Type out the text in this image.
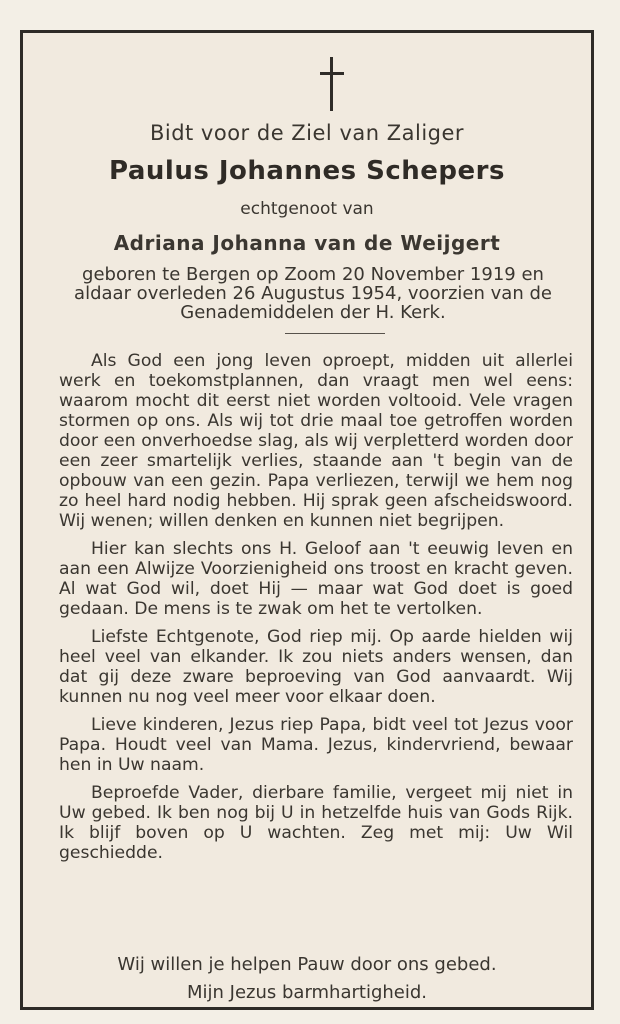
Bidt voor de Ziel van Zaliger
Paulus Johannes Schepers
echtgenoot van
Adriana Johanna van de Weijgert
geboren te Bergen op Zoom 20 November 1919 en aldaar overleden 26 Augustus 1954, voorzien van de Genademiddelen der H. Kerk.

Als God een jong leven oproept, midden uit allerlei werk en toekomstplannen, dan vraagt men wel eens: waarom mocht dit eerst niet worden voltooid. Vele vragen stormen op ons. Als wij tot drie maal toe getroffen worden door een onverhoedse slag, als wij verpletterd worden door een zeer smartelijk verlies, staande aan 't begin van de opbouw van een gezin. Papa verliezen, terwijl we hem nog zo heel hard nodig hebben. Hij sprak geen afscheidswoord. Wij wenen; willen denken en kunnen niet begrijpen.

Hier kan slechts ons H. Geloof aan 't eeuwig leven en aan een Alwijze Voorzienigheid ons troost en kracht geven. Al wat God wil, doet Hij — maar wat God doet is goed gedaan. De mens is te zwak om het te vertolken.

Liefste Echtgenote, God riep mij. Op aarde hielden wij heel veel van elkander. Ik zou niets anders wensen, dan dat gij deze zware beproeving van God aanvaardt. Wij kunnen nu nog veel meer voor elkaar doen.

Lieve kinderen, Jezus riep Papa, bidt veel tot Jezus voor Papa. Houdt veel van Mama. Jezus, kindervriend, bewaar hen in Uw naam.

Beproefde Vader, dierbare familie, vergeet mij niet in Uw gebed. Ik ben nog bij U in hetzelfde huis van Gods Rijk. Ik blijf boven op U wachten. Zeg met mij: Uw Wil geschiedde.

Wij willen je helpen Pauw door ons gebed.
Mijn Jezus barmhartigheid.
